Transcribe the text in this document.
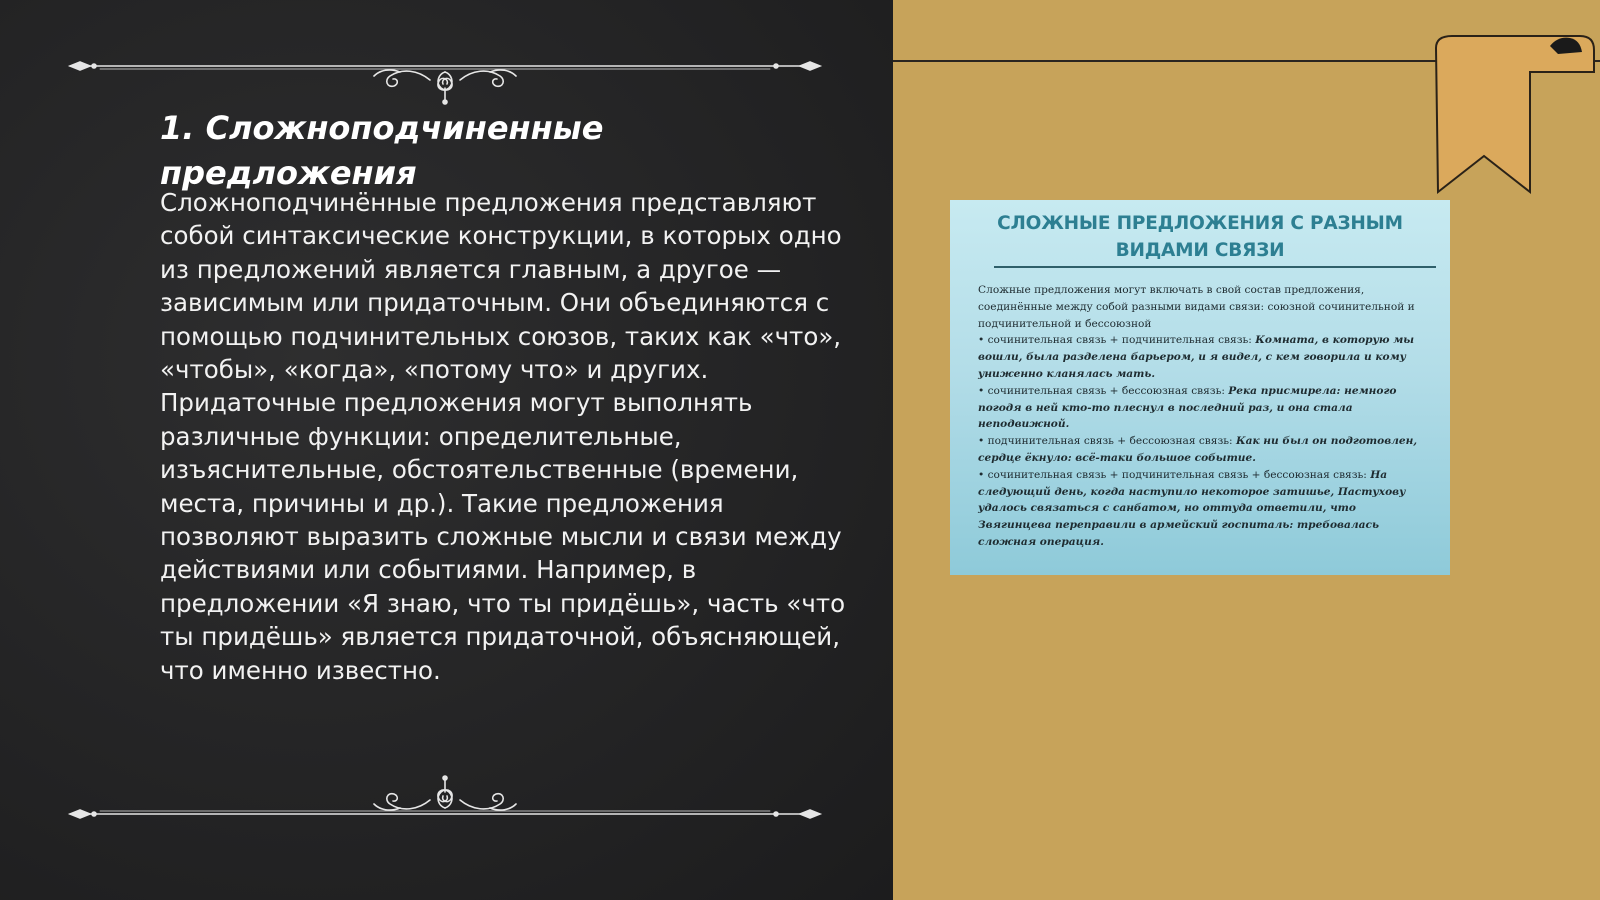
1. Сложноподчиненные предложения

Сложноподчинённые предложения представляют собой синтаксические конструкции, в которых одно из предложений является главным, а другое — зависимым или придаточным. Они объединяются с помощью подчинительных союзов, таких как «что», «чтобы», «когда», «потому что» и других. Придаточные предложения могут выполнять различные функции: определительные, изъяснительные, обстоятельственные (времени, места, причины и др.). Такие предложения позволяют выразить сложные мысли и связи между действиями или событиями. Например, в предложении «Я знаю, что ты придёшь», часть «что ты придёшь» является придаточной, объясняющей, что именно известно.

СЛОЖНЫЕ ПРЕДЛОЖЕНИЯ С РАЗНЫМ ВИДАМИ СВЯЗИ

Сложные предложения могут включать в свой состав предложения, соединённые между собой разными видами связи: союзной сочинительной и подчинительной и бессоюзной

• сочинительная связь + подчинительная связь: Комната, в которую мы вошли, была разделена барьером, и я видел, с кем говорила и кому униженно кланялась мать.

• сочинительная связь + бессоюзная связь: Река присмирела: немного погодя в ней кто-то плеснул в последний раз, и она стала неподвижной.

• подчинительная связь + бессоюзная связь: Как ни был он подготовлен, сердце ёкнуло: всё-таки большое событие.

• сочинительная связь + подчинительная связь + бессоюзная связь: На следующий день, когда наступило некоторое затишье, Пастухову удалось связаться с санбатом, но оттуда ответили, что Звягинцева переправили в армейский госпиталь: требовалась сложная операция.
